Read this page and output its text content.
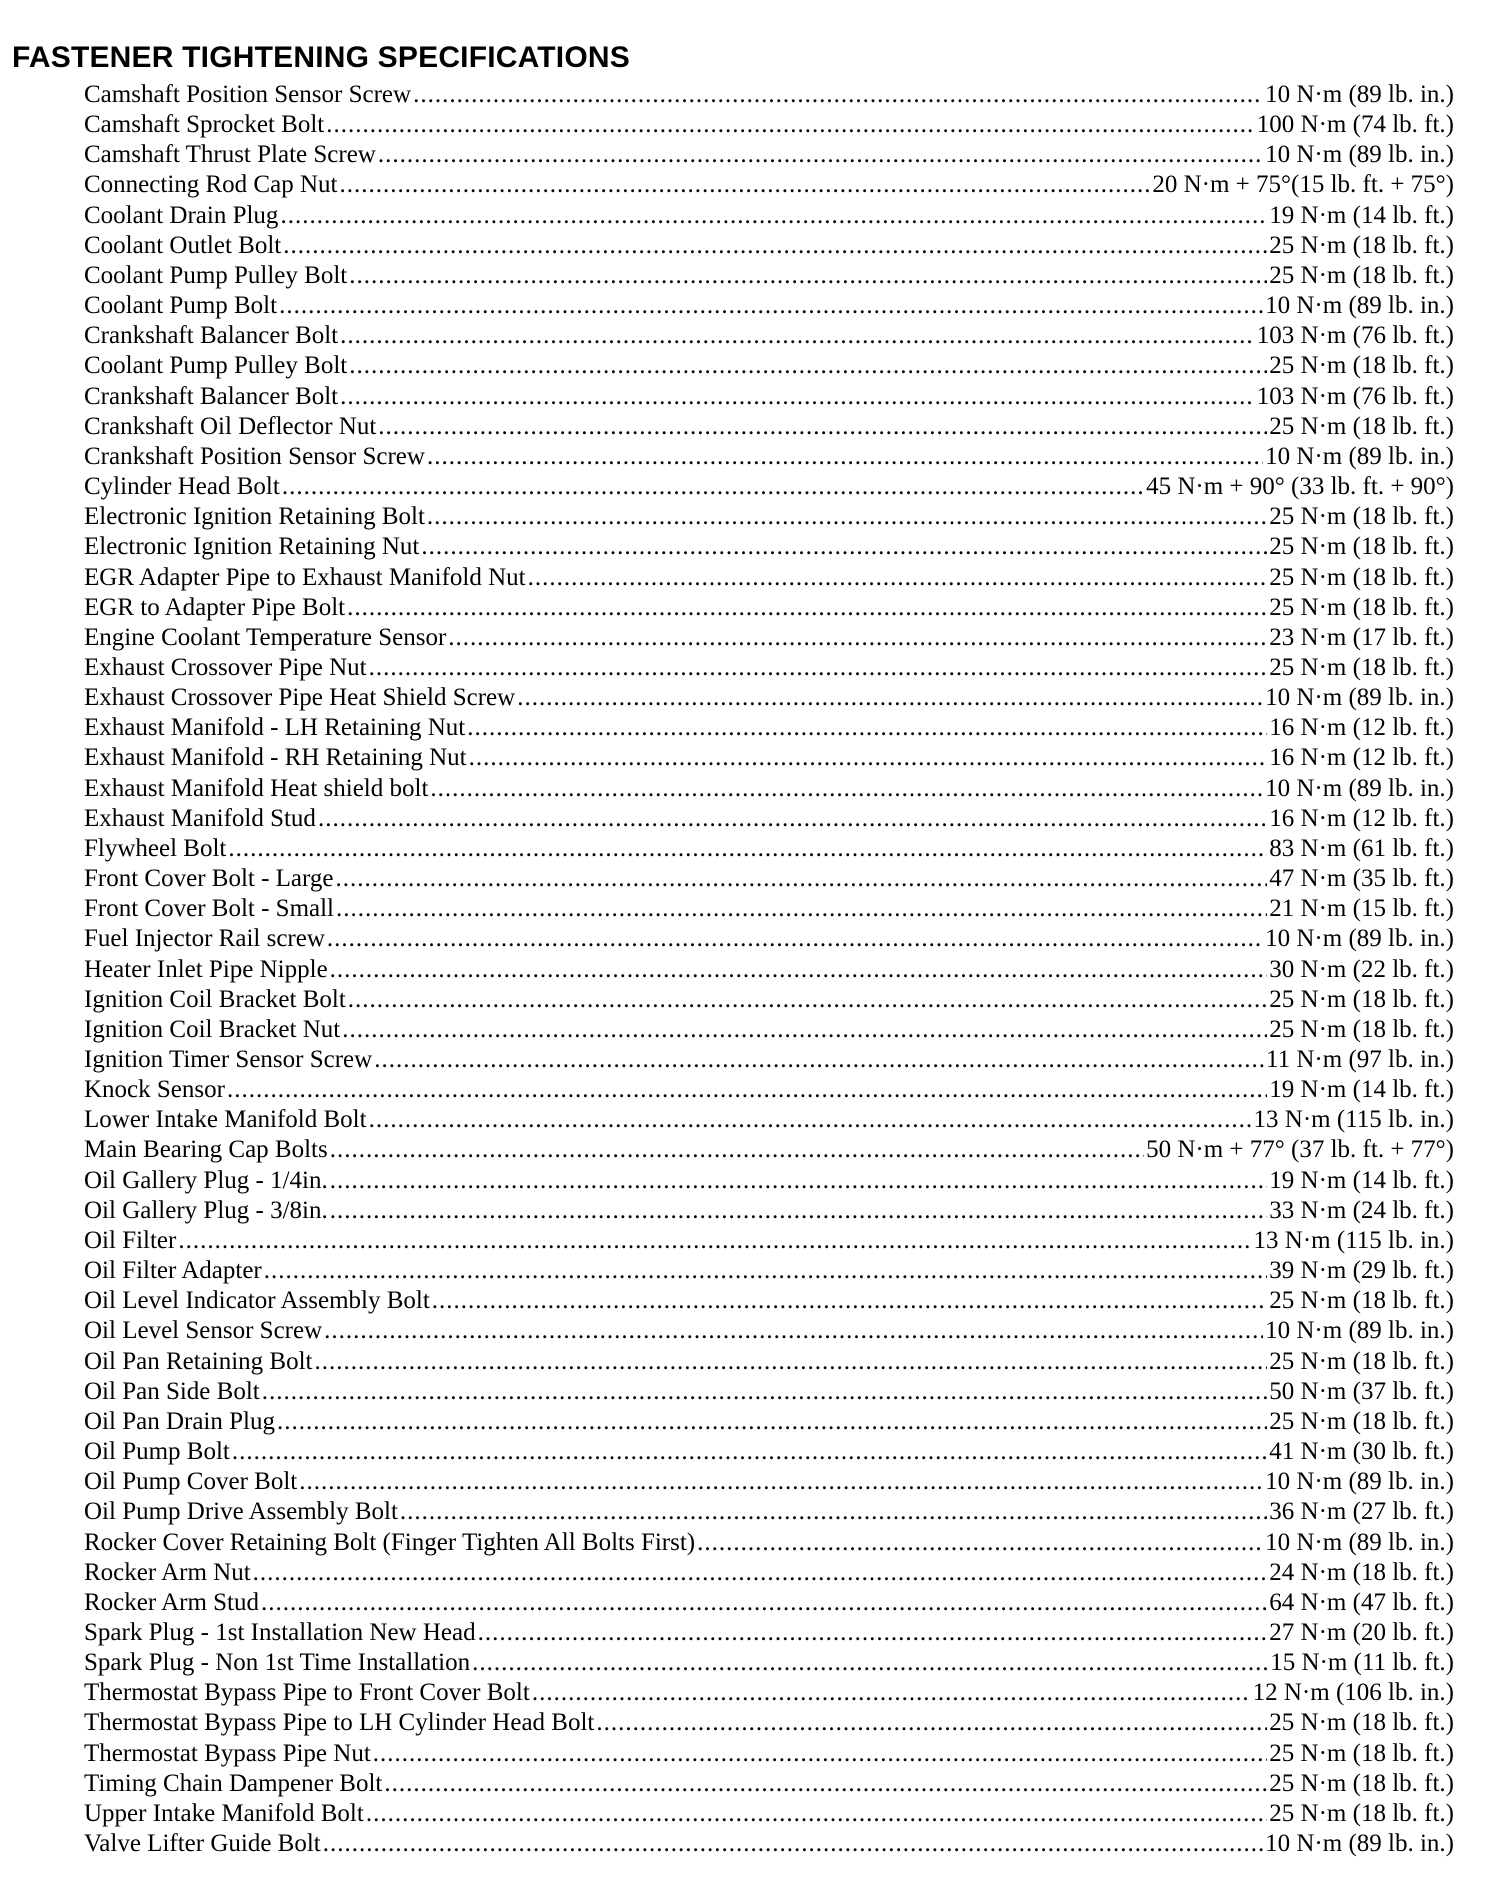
FASTENER TIGHTENING SPECIFICATIONS
Camshaft Position Sensor Screw .....	10 N·m (89 lb. in.)
Camshaft Sprocket Bolt .....	100 N·m (74 lb. ft.)
Camshaft Thrust Plate Screw .....	10 N·m (89 lb. in.)
Connecting Rod Cap Nut .....	20 N·m + 75°(15 lb. ft. + 75°)
Coolant Drain Plug .....	19 N·m (14 lb. ft.)
Coolant Outlet Bolt .....	25 N·m (18 lb. ft.)
Coolant Pump Pulley Bolt .....	25 N·m (18 lb. ft.)
Coolant Pump Bolt .....	10 N·m (89 lb. in.)
Crankshaft Balancer Bolt .....	103 N·m (76 lb. ft.)
Coolant Pump Pulley Bolt .....	25 N·m (18 lb. ft.)
Crankshaft Balancer Bolt .....	103 N·m (76 lb. ft.)
Crankshaft Oil Deflector Nut .....	25 N·m (18 lb. ft.)
Crankshaft Position Sensor Screw .....	10 N·m (89 lb. in.)
Cylinder Head Bolt .....	45 N·m + 90° (33 lb. ft. + 90°)
Electronic Ignition Retaining Bolt .....	25 N·m (18 lb. ft.)
Electronic Ignition Retaining Nut .....	25 N·m (18 lb. ft.)
EGR Adapter Pipe to Exhaust Manifold Nut .....	25 N·m (18 lb. ft.)
EGR to Adapter Pipe Bolt .....	25 N·m (18 lb. ft.)
Engine Coolant Temperature Sensor .....	23 N·m (17 lb. ft.)
Exhaust Crossover Pipe Nut .....	25 N·m (18 lb. ft.)
Exhaust Crossover Pipe Heat Shield Screw .....	10 N·m (89 lb. in.)
Exhaust Manifold - LH Retaining Nut .....	16 N·m (12 lb. ft.)
Exhaust Manifold - RH Retaining Nut .....	16 N·m (12 lb. ft.)
Exhaust Manifold Heat shield bolt .....	10 N·m (89 lb. in.)
Exhaust Manifold Stud .....	16 N·m (12 lb. ft.)
Flywheel Bolt .....	83 N·m (61 lb. ft.)
Front Cover Bolt - Large .....	47 N·m (35 lb. ft.)
Front Cover Bolt - Small .....	21 N·m (15 lb. ft.)
Fuel Injector Rail screw .....	10 N·m (89 lb. in.)
Heater Inlet Pipe Nipple .....	30 N·m (22 lb. ft.)
Ignition Coil Bracket Bolt .....	25 N·m (18 lb. ft.)
Ignition Coil Bracket Nut .....	25 N·m (18 lb. ft.)
Ignition Timer Sensor Screw .....	11 N·m (97 lb. in.)
Knock Sensor .....	19 N·m (14 lb. ft.)
Lower Intake Manifold Bolt .....	13 N·m (115 lb. in.)
Main Bearing Cap Bolts .....	50 N·m + 77° (37 lb. ft. + 77°)
Oil Gallery Plug - 1/4in. .....	19 N·m (14 lb. ft.)
Oil Gallery Plug - 3/8in. .....	33 N·m (24 lb. ft.)
Oil Filter .....	13 N·m (115 lb. in.)
Oil Filter Adapter .....	39 N·m (29 lb. ft.)
Oil Level Indicator Assembly Bolt .....	25 N·m (18 lb. ft.)
Oil Level Sensor Screw .....	10 N·m (89 lb. in.)
Oil Pan Retaining Bolt .....	25 N·m (18 lb. ft.)
Oil Pan Side Bolt .....	50 N·m (37 lb. ft.)
Oil Pan Drain Plug .....	25 N·m (18 lb. ft.)
Oil Pump Bolt .....	41 N·m (30 lb. ft.)
Oil Pump Cover Bolt .....	10 N·m (89 lb. in.)
Oil Pump Drive Assembly Bolt .....	36 N·m (27 lb. ft.)
Rocker Cover Retaining Bolt (Finger Tighten All Bolts First) .....	10 N·m (89 lb. in.)
Rocker Arm Nut .....	24 N·m (18 lb. ft.)
Rocker Arm Stud .....	64 N·m (47 lb. ft.)
Spark Plug - 1st Installation New Head .....	27 N·m (20 lb. ft.)
Spark Plug - Non 1st Time Installation .....	15 N·m (11 lb. ft.)
Thermostat Bypass Pipe to Front Cover Bolt .....	12 N·m (106 lb. in.)
Thermostat Bypass Pipe to LH Cylinder Head Bolt .....	25 N·m (18 lb. ft.)
Thermostat Bypass Pipe Nut .....	25 N·m (18 lb. ft.)
Timing Chain Dampener Bolt .....	25 N·m (18 lb. ft.)
Upper Intake Manifold Bolt .....	25 N·m (18 lb. ft.)
Valve Lifter Guide Bolt .....	10 N·m (89 lb. in.)
